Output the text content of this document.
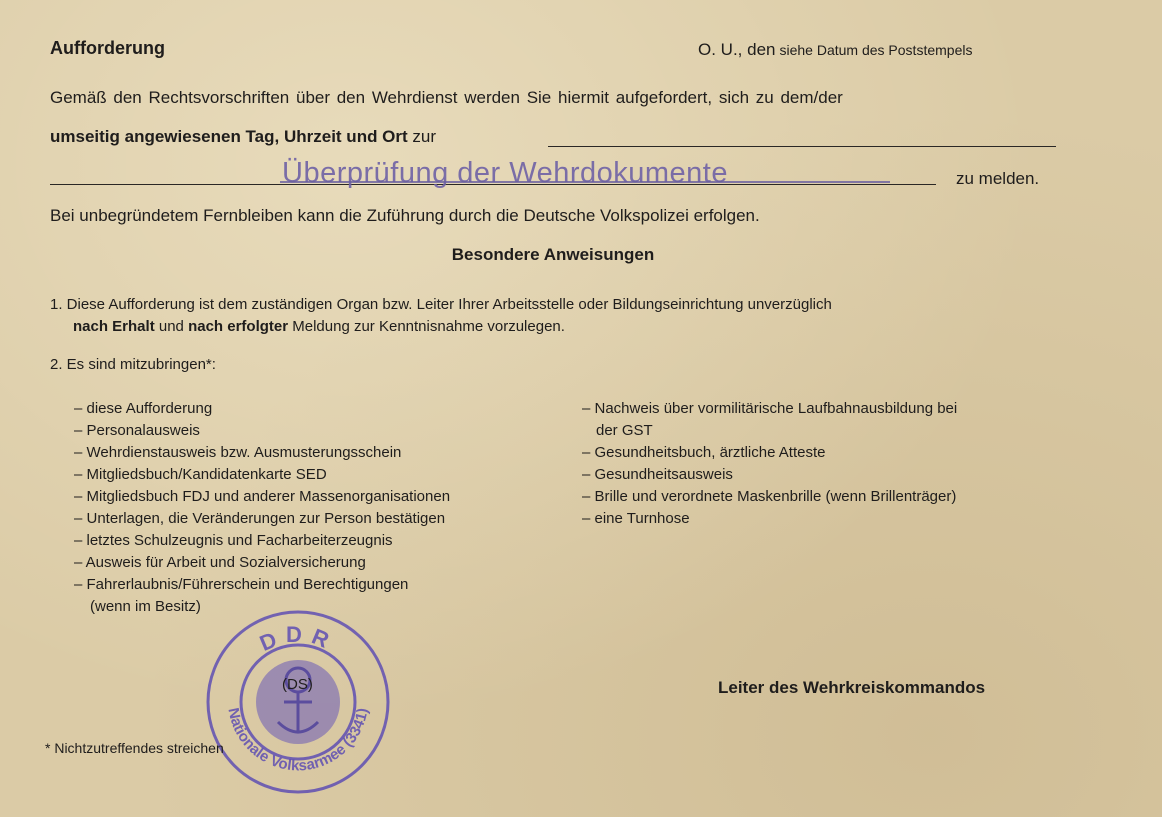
Aufforderung	O. U., den siehe Datum des Poststempels
Gemäß den Rechtsvorschriften über den Wehrdienst werden Sie hiermit aufgefordert, sich zu dem/der
umseitig angewiesenen Tag, Uhrzeit und Ort zur
Überprüfung der Wehrdokumente	zu melden.
Bei unbegründetem Fernbleiben kann die Zuführung durch die Deutsche Volkspolizei erfolgen.
Besondere Anweisungen
1. Diese Aufforderung ist dem zuständigen Organ bzw. Leiter Ihrer Arbeitsstelle oder Bildungseinrichtung unverzüglich
nach Erhalt und nach erfolgter Meldung zur Kenntnisnahme vorzulegen.
2. Es sind mitzubringen*:
– diese Aufforderung
– Personalausweis
– Wehrdienstausweis bzw. Ausmusterungsschein
– Mitgliedsbuch/Kandidatenkarte SED
– Mitgliedsbuch FDJ und anderer Massenorganisationen
– Unterlagen, die Veränderungen zur Person bestätigen
– letztes Schulzeugnis und Facharbeiterzeugnis
– Ausweis für Arbeit und Sozialversicherung
– Fahrerlaubnis/Führerschein und Berechtigungen
(wenn im Besitz)
– Nachweis über vormilitärische Laufbahnausbildung bei
der GST
– Gesundheitsbuch, ärztliche Atteste
– Gesundheitsausweis
– Brille und verordnete Maskenbrille (wenn Brillenträger)
– eine Turnhose
DDR
Nationale Volksarmee (3341)
(DS)	Leiter des Wehrkreiskommandos
* Nichtzutreffendes streichen
